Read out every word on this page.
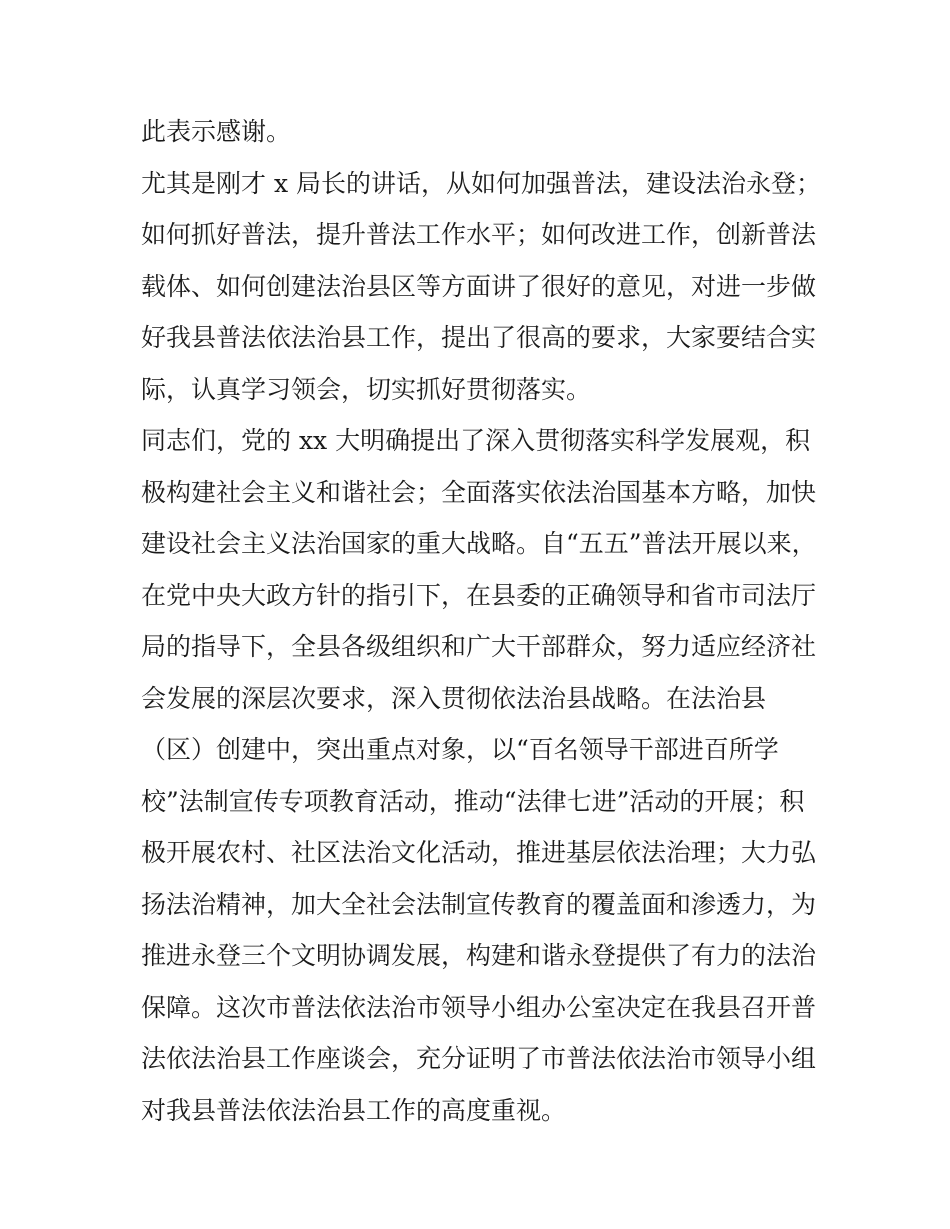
此表示感谢。
尤其是刚才 x 局长的讲话，从如何加强普法，建设法治永登；
如何抓好普法，提升普法工作水平；如何改进工作，创新普法
载体、如何创建法治县区等方面讲了很好的意见，对进一步做
好我县普法依法治县工作，提出了很高的要求，大家要结合实
际，认真学习领会，切实抓好贯彻落实。
同志们，党的 xx 大明确提出了深入贯彻落实科学发展观，积
极构建社会主义和谐社会；全面落实依法治国基本方略，加快
建设社会主义法治国家的重大战略。自“五五”普法开展以来，
在党中央大政方针的指引下，在县委的正确领导和省市司法厅
局的指导下，全县各级组织和广大干部群众，努力适应经济社
会发展的深层次要求，深入贯彻依法治县战略。在法治县
（区）创建中，突出重点对象，以“百名领导干部进百所学
校”法制宣传专项教育活动，推动“法律七进”活动的开展；积
极开展农村、社区法治文化活动，推进基层依法治理；大力弘
扬法治精神，加大全社会法制宣传教育的覆盖面和渗透力，为
推进永登三个文明协调发展，构建和谐永登提供了有力的法治
保障。这次市普法依法治市领导小组办公室决定在我县召开普
法依法治县工作座谈会，充分证明了市普法依法治市领导小组
对我县普法依法治县工作的高度重视。
